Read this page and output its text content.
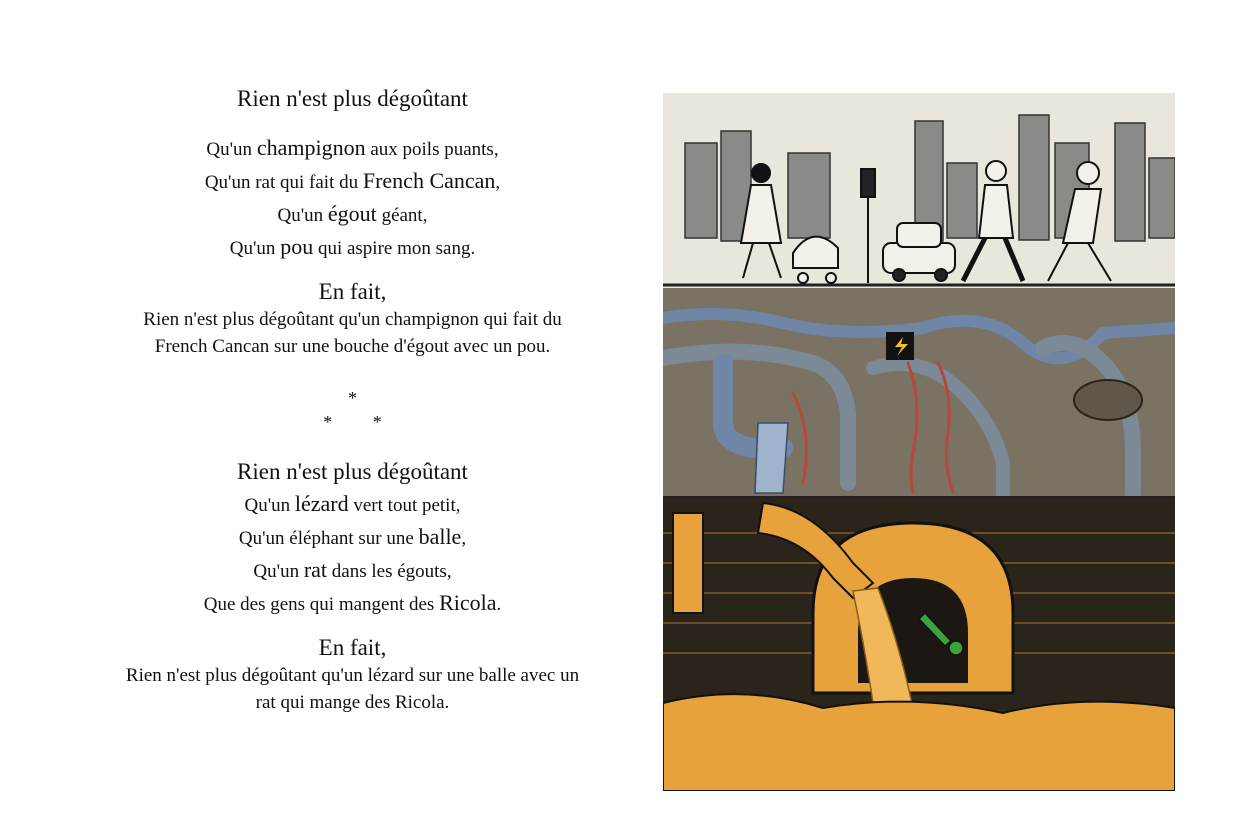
Rien n'est plus dégoûtant
Qu'un champignon aux poils puants,
Qu'un rat qui fait du French Cancan,
Qu'un égout géant,
Qu'un pou qui aspire mon sang.
En fait,
Rien n'est plus dégoûtant qu'un champignon qui fait du
French Cancan sur une bouche d'égout avec un pou.
*
* *
Rien n'est plus dégoûtant
Qu'un lézard vert tout petit,
Qu'un éléphant sur une balle,
Qu'un rat dans les égouts,
Que des gens qui mangent des Ricola.
En fait,
Rien n'est plus dégoûtant qu'un lézard sur une balle avec un
rat qui mange des Ricola.
